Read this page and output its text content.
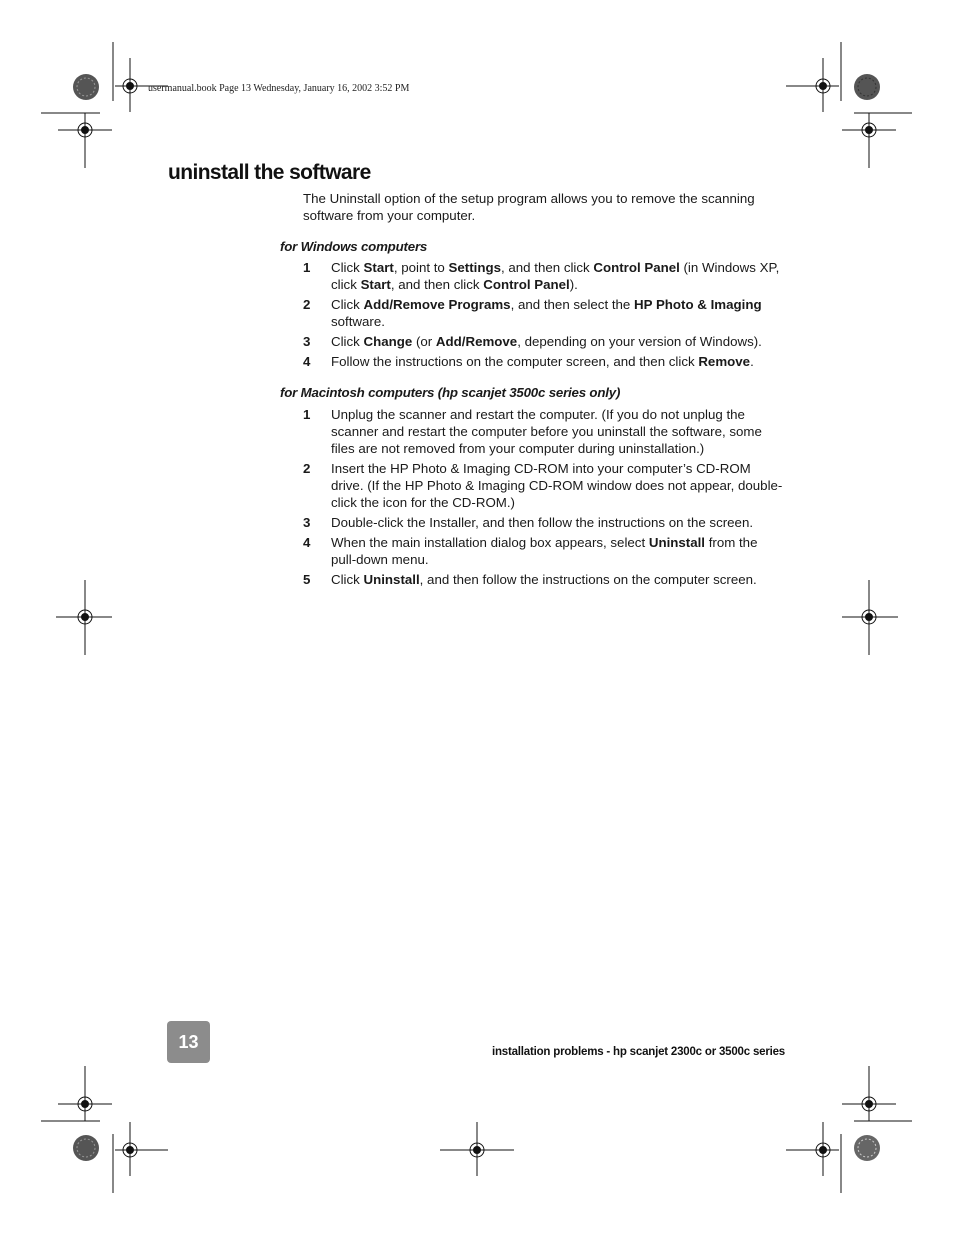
usermanual.book Page 13 Wednesday, January 16, 2002 3:52 PM
uninstall the software

The Uninstall option of the setup program allows you to remove the scanning software from your computer.

for Windows computers
1 Click Start, point to Settings, and then click Control Panel (in Windows XP, click Start, and then click Control Panel).
2 Click Add/Remove Programs, and then select the HP Photo & Imaging software.
3 Click Change (or Add/Remove, depending on your version of Windows).
4 Follow the instructions on the computer screen, and then click Remove.
for Macintosh computers (hp scanjet 3500c series only)
1 Unplug the scanner and restart the computer. (If you do not unplug the scanner and restart the computer before you uninstall the software, some files are not removed from your computer during uninstallation.)
2 Insert the HP Photo & Imaging CD-ROM into your computer’s CD-ROM drive. (If the HP Photo & Imaging CD-ROM window does not appear, double-click the icon for the CD-ROM.)
3 Double-click the Installer, and then follow the instructions on the screen.
4 When the main installation dialog box appears, select Uninstall from the pull-down menu.
5 Click Uninstall, and then follow the instructions on the computer screen.
13
installation problems - hp scanjet 2300c or 3500c series
